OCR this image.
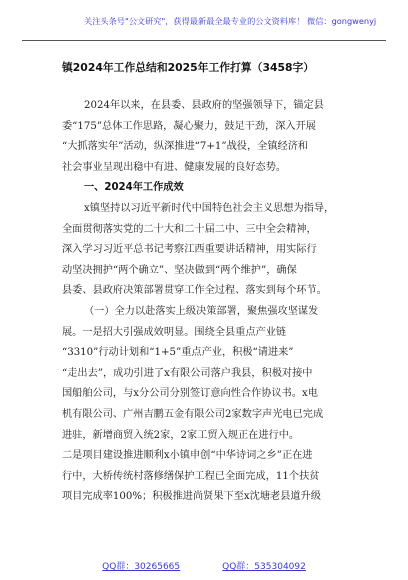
关注头条号"公文研究"，获得最新最全最专业的公文资料库！ 微信：gongwenyj
镇2024年工作总结和2025年工作打算（3458字）
2024年以来，在县委、县政府的坚强领导下，锚定县
委“175”总体工作思路，凝心聚力，鼓足干劲，深入开展
“大抓落实年”活动，纵深推进“7+1”战役，全镇经济和
社会事业呈现出稳中有进、健康发展的良好态势。
一、2024年工作成效
x镇坚持以习近平新时代中国特色社会主义思想为指导，
全面贯彻落实党的二十大和二十届二中、三中全会精神，
深入学习习近平总书记考察江西重要讲话精神，用实际行
动坚决拥护“两个确立”、坚决做到“两个维护”，确保
县委、县政府决策部署贯穿工作全过程、落实到每个环节。
（一）全力以赴落实上级决策部署，聚焦强攻坚谋发
展。一是招大引强成效明显。围绕全县重点产业链
“3310”行动计划和“1+5”重点产业，积极“请进来”
“走出去”，成功引进了x有限公司落户我县，积极对接中
国船舶公司，与x分公司分别签订意向性合作协议书。x电
机有限公司、广州吉鹏五金有限公司2家数字声光电已完成
进驻，新增商贸入统2家，2家工贸入规正在进行中。
二是项目建设推进顺利x小镇申创“中华诗词之乡”正在进
行中，大桥传统村落修缮保护工程已全面完成，11个扶贫
项目完成率100%；积极推进尚贤果下至x沈塘老县道升级
QQ群：30265665	QQ群：535304092
